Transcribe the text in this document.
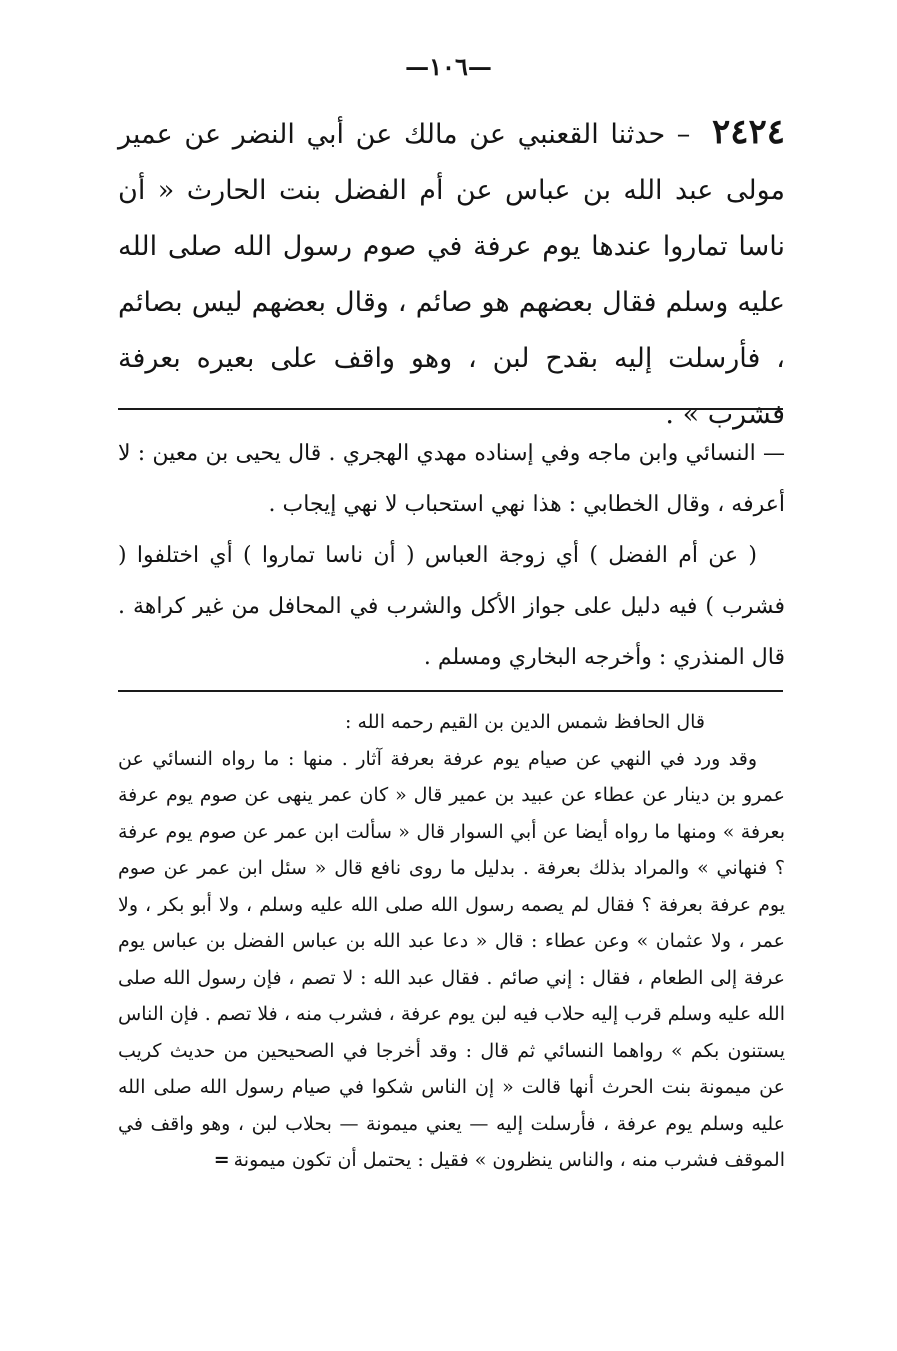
—١٠٦—
٢٤٢٤ – حدثنا القعنبي عن مالك عن أبي النضر عن عمير مولى عبد الله بن عباس عن أم الفضل بنت الحارث « أن ناسا تماروا عندها يوم عرفة في صوم رسول الله صلى الله عليه وسلم فقال بعضهم هو صائم ، وقال بعضهم ليس بصائم ، فأرسلت إليه بقدح لبن ، وهو واقف على بعيره بعرفة فشرب » .

— النسائي وابن ماجه وفي إسناده مهدي الهجري . قال يحيى بن معين : لا أعرفه ، وقال الخطابي : هذا نهي استحباب لا نهي إيجاب .

( عن أم الفضل ) أي زوجة العباس ( أن ناسا تماروا ) أي اختلفوا ( فشرب ) فيه دليل على جواز الأكل والشرب في المحافل من غير كراهة . قال المنذري : وأخرجه البخاري ومسلم .

قال الحافظ شمس الدين بن القيم رحمه الله :

وقد ورد في النهي عن صيام يوم عرفة بعرفة آثار . منها : ما رواه النسائي عن عمرو بن دينار عن عطاء عن عبيد بن عمير قال « كان عمر ينهى عن صوم يوم عرفة بعرفة » ومنها ما رواه أيضا عن أبي السوار قال « سألت ابن عمر عن صوم يوم عرفة ؟ فنهاني » والمراد بذلك بعرفة . بدليل ما روى نافع قال « سئل ابن عمر عن صوم يوم عرفة بعرفة ؟ فقال لم يصمه رسول الله صلى الله عليه وسلم ، ولا أبو بكر ، ولا عمر ، ولا عثمان » وعن عطاء : قال « دعا عبد الله بن عباس الفضل بن عباس يوم عرفة إلى الطعام ، فقال : إني صائم . فقال عبد الله : لا تصم ، فإن رسول الله صلى الله عليه وسلم قرب إليه حلاب فيه لبن يوم عرفة ، فشرب منه ، فلا تصم . فإن الناس يستنون بكم » رواهما النسائي ثم قال : وقد أخرجا في الصحيحين من حديث كريب عن ميمونة بنت الحرث أنها قالت « إن الناس شكوا في صيام رسول الله صلى الله عليه وسلم يوم عرفة ، فأرسلت إليه — يعني ميمونة — بحلاب لبن ، وهو واقف في الموقف فشرب منه ، والناس ينظرون » فقيل : يحتمل أن تكون ميمونة=
